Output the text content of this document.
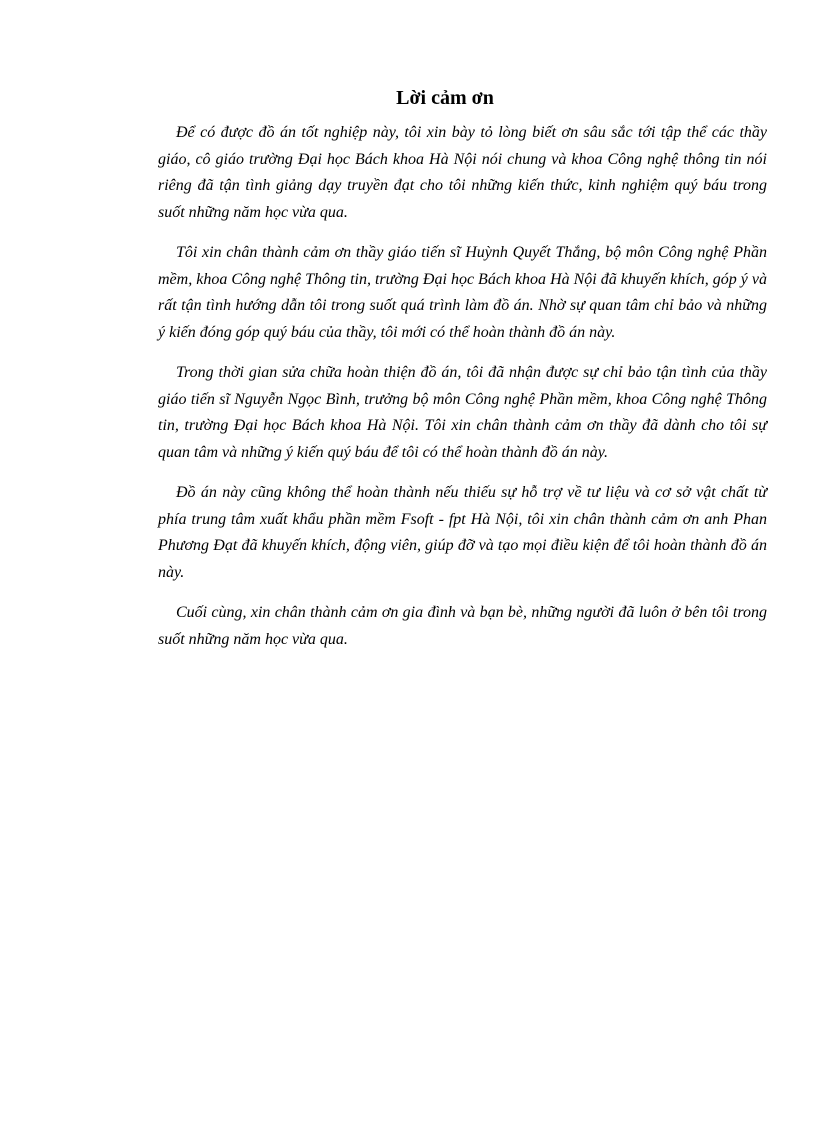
Lời cảm ơn

Để có được đồ án tốt nghiệp này, tôi xin bày tỏ lòng biết ơn sâu sắc tới tập thể các thầy giáo, cô giáo trường Đại học Bách khoa Hà Nội nói chung và khoa Công nghệ thông tin nói riêng đã tận tình giảng dạy truyền đạt cho tôi những kiến thức, kinh nghiệm quý báu trong suốt những năm học vừa qua.

Tôi xin chân thành cảm ơn thầy giáo tiến sĩ Huỳnh Quyết Thắng, bộ môn Công nghệ Phần mềm, khoa Công nghệ Thông tin, trường Đại học Bách khoa Hà Nội đã khuyến khích, góp ý và rất tận tình hướng dẫn tôi trong suốt quá trình làm đồ án. Nhờ sự quan tâm chỉ bảo và những ý kiến đóng góp quý báu của thầy, tôi mới có thể hoàn thành đồ án này.

Trong thời gian sửa chữa hoàn thiện đồ án, tôi đã nhận được sự chỉ bảo tận tình của thầy giáo tiến sĩ Nguyễn Ngọc Bình, trưởng bộ môn Công nghệ Phần mềm, khoa Công nghệ Thông tin, trường Đại học Bách khoa Hà Nội. Tôi xin chân thành cảm ơn thầy đã dành cho tôi sự quan tâm và những ý kiến quý báu để tôi có thể hoàn thành đồ án này.

Đồ án này cũng không thể hoàn thành nếu thiếu sự hỗ trợ về tư liệu và cơ sở vật chất từ phía trung tâm xuất khẩu phần mềm Fsoft - fpt Hà Nội, tôi xin chân thành cảm ơn anh Phan Phương Đạt đã khuyến khích, động viên, giúp đỡ và tạo mọi điều kiện để tôi hoàn thành đồ án này.

Cuối cùng, xin chân thành cảm ơn gia đình và bạn bè, những người đã luôn ở bên tôi trong suốt những năm học vừa qua.
